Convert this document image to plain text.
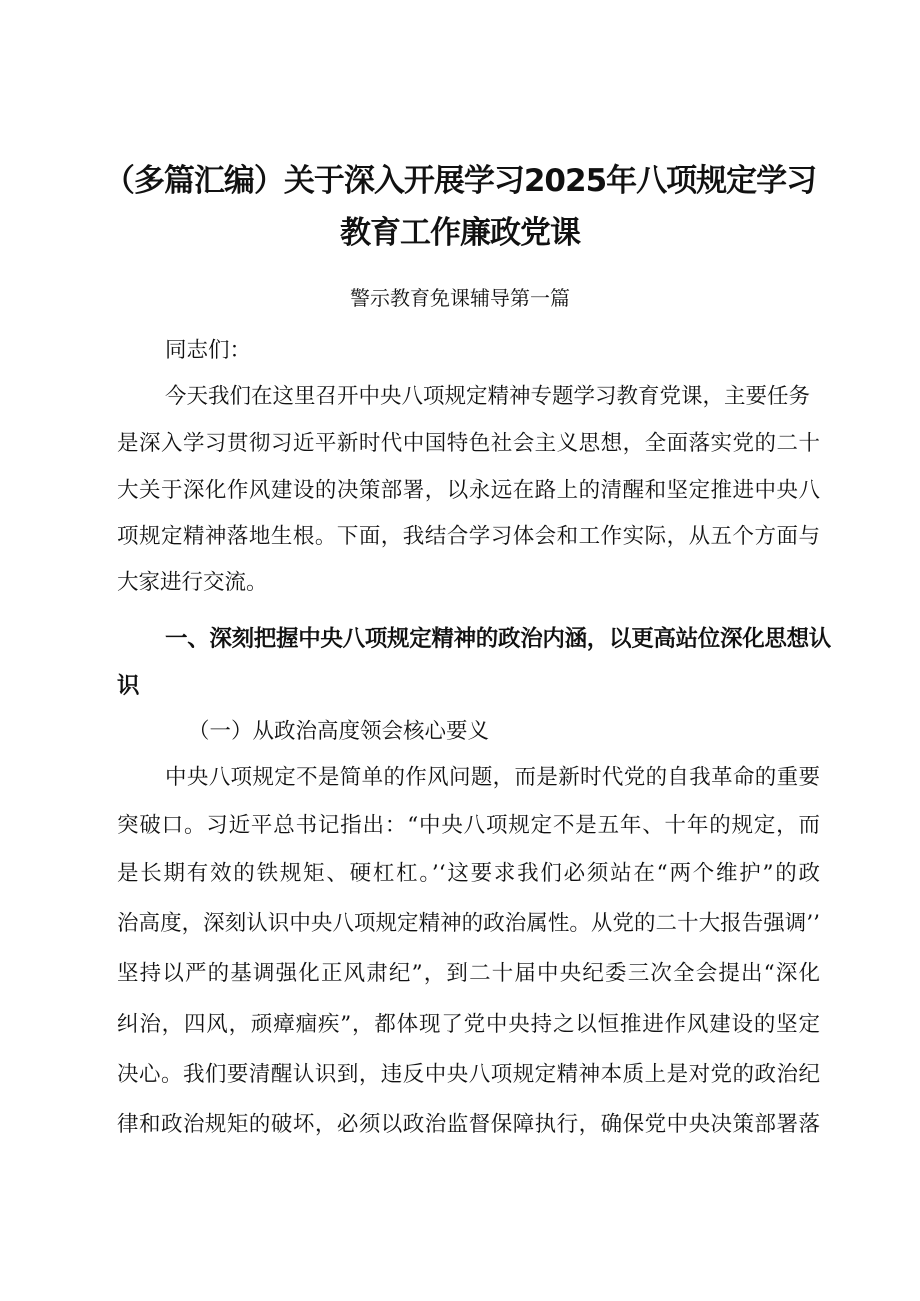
（多篇汇编）关于深入开展学习2025年八项规定学习
教育工作廉政党课
警示教育免课辅导第一篇
同志们：
今天我们在这里召开中央八项规定精神专题学习教育党课，主要任务
是深入学习贯彻习近平新时代中国特色社会主义思想，全面落实党的二十
大关于深化作风建设的决策部署，以永远在路上的清醒和坚定推进中央八
项规定精神落地生根。下面，我结合学习体会和工作实际，从五个方面与
大家进行交流。
一、深刻把握中央八项规定精神的政治内涵，以更高站位深化思想认
识
（一）从政治高度领会核心要义
中央八项规定不是简单的作风问题，而是新时代党的自我革命的重要
突破口。习近平总书记指出：“中央八项规定不是五年、十年的规定，而
是长期有效的铁规矩、硬杠杠。’‘这要求我们必须站在“两个维护”的政
治高度，深刻认识中央八项规定精神的政治属性。从党的二十大报告强调’’
坚持以严的基调强化正风肃纪”，到二十届中央纪委三次全会提出“深化
纠治，四风，顽瘴痼疾”，都体现了党中央持之以恒推进作风建设的坚定
决心。我们要清醒认识到，违反中央八项规定精神本质上是对党的政治纪
律和政治规矩的破坏，必须以政治监督保障执行，确保党中央决策部署落
